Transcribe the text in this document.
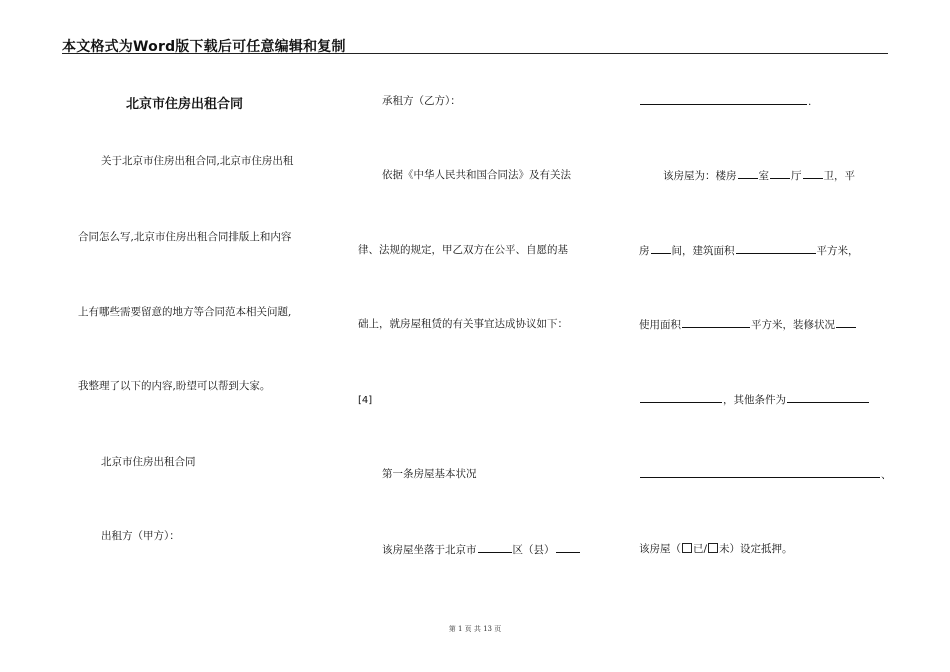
本文格式为Word版下载后可任意编辑和复制
北京市住房出租合同
关于北京市住房出租合同,北京市住房出租
合同怎么写,北京市住房出租合同排版上和内容
上有哪些需要留意的地方等合同范本相关问题,
我整理了以下的内容,盼望可以帮到大家。
北京市住房出租合同
出租方（甲方）：
承租方（乙方）：
依据《中华人民共和国合同法》及有关法
律、法规的规定，甲乙双方在公平、自愿的基
础上，就房屋租赁的有关事宜达成协议如下：
[4]
第一条房屋基本状况
该房屋坐落于北京市	区（县）
.
该房屋为：楼房 室 厅 卫，平
房 间，建筑面积	平方米，
使用面积	平方米，装修状况
，其他条件为
、
该房屋（ 已/ 未）设定抵押。
第 1 页 共 13 页
